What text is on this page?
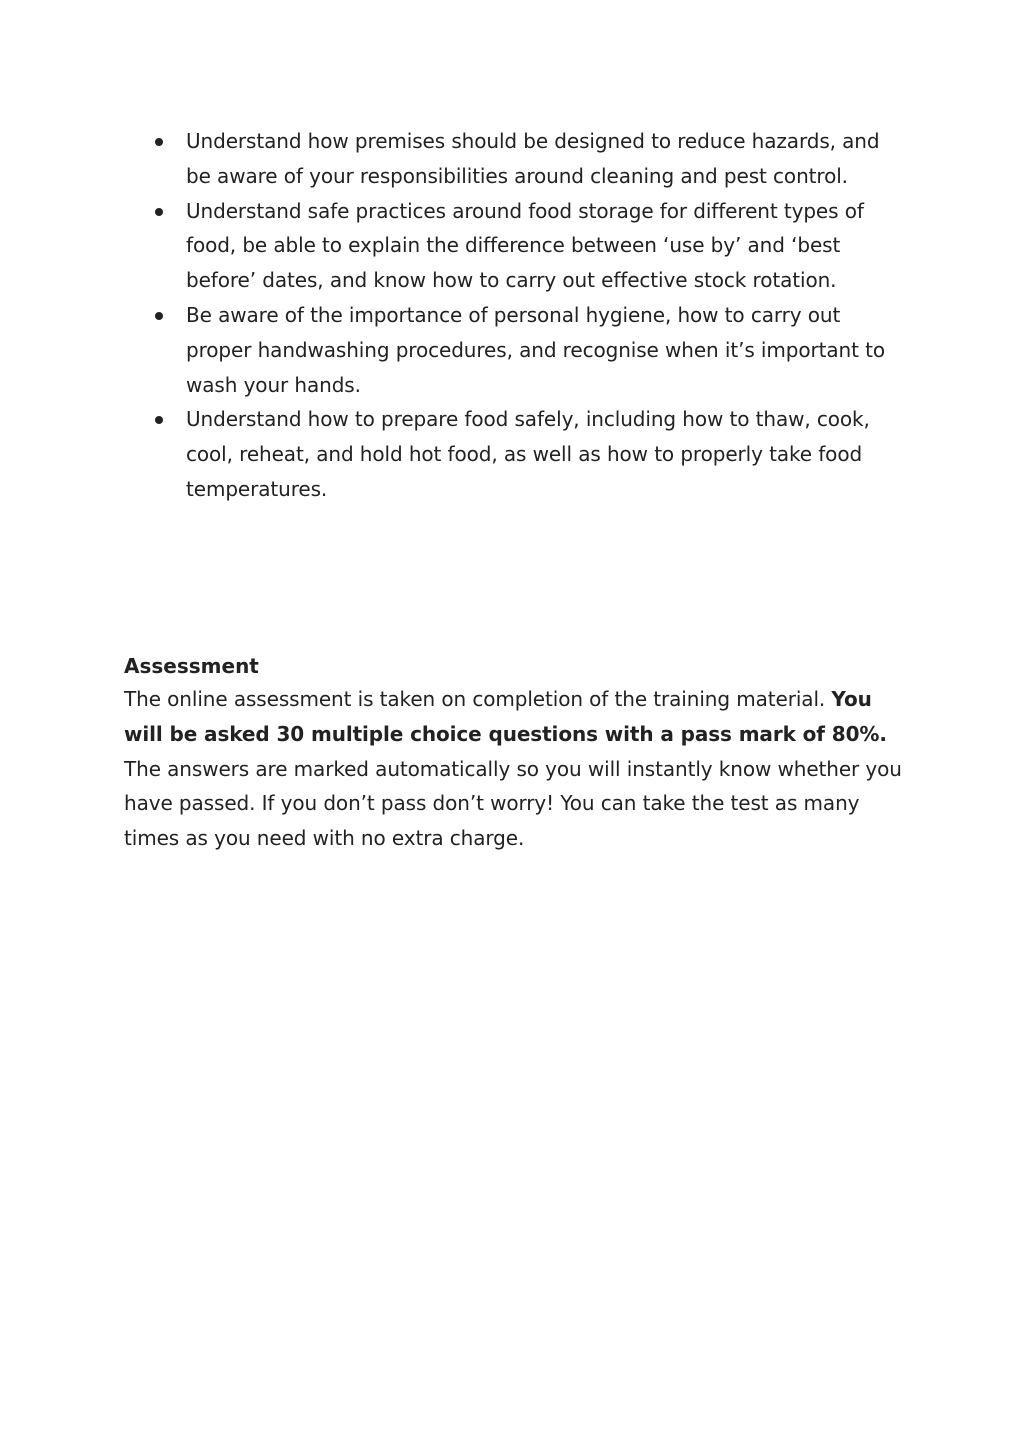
Understand how premises should be designed to reduce hazards, and be aware of your responsibilities around cleaning and pest control.
Understand safe practices around food storage for different types of food, be able to explain the difference between ‘use by’ and ‘best before’ dates, and know how to carry out effective stock rotation.
Be aware of the importance of personal hygiene, how to carry out proper handwashing procedures, and recognise when it’s important to wash your hands.
Understand how to prepare food safely, including how to thaw, cook, cool, reheat, and hold hot food, as well as how to properly take food temperatures.
Assessment

The online assessment is taken on completion of the training material. You will be asked 30 multiple choice questions with a pass mark of 80%. The answers are marked automatically so you will instantly know whether you have passed. If you don’t pass don’t worry! You can take the test as many times as you need with no extra charge.
